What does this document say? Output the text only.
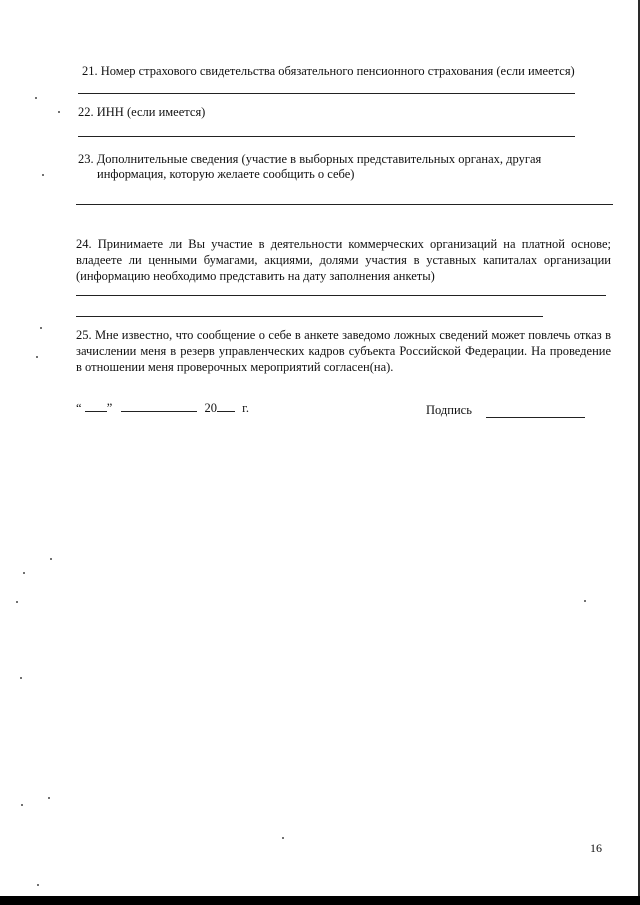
21. Номер страхового свидетельства обязательного пенсионного страхования (если имеется)
22. ИНН (если имеется)
23. Дополнительные сведения (участие в выборных представительных органах, другая
информация, которую желаете сообщить о себе)
24. Принимаете ли Вы участие в деятельности коммерческих организаций на платной основе; владеете ли ценными бумагами, акциями, долями участия в уставных капиталах организации (информацию необходимо представить на дату заполнения анкеты)
25. Мне известно, что сообщение о себе в анкете заведомо ложных сведений может повлечь отказ в зачислении меня в резерв управленческих кадров субъекта Российской Федерации. На проведение в отношении меня проверочных мероприятий согласен(на).
“ ”	20 г.	Подпись
16
